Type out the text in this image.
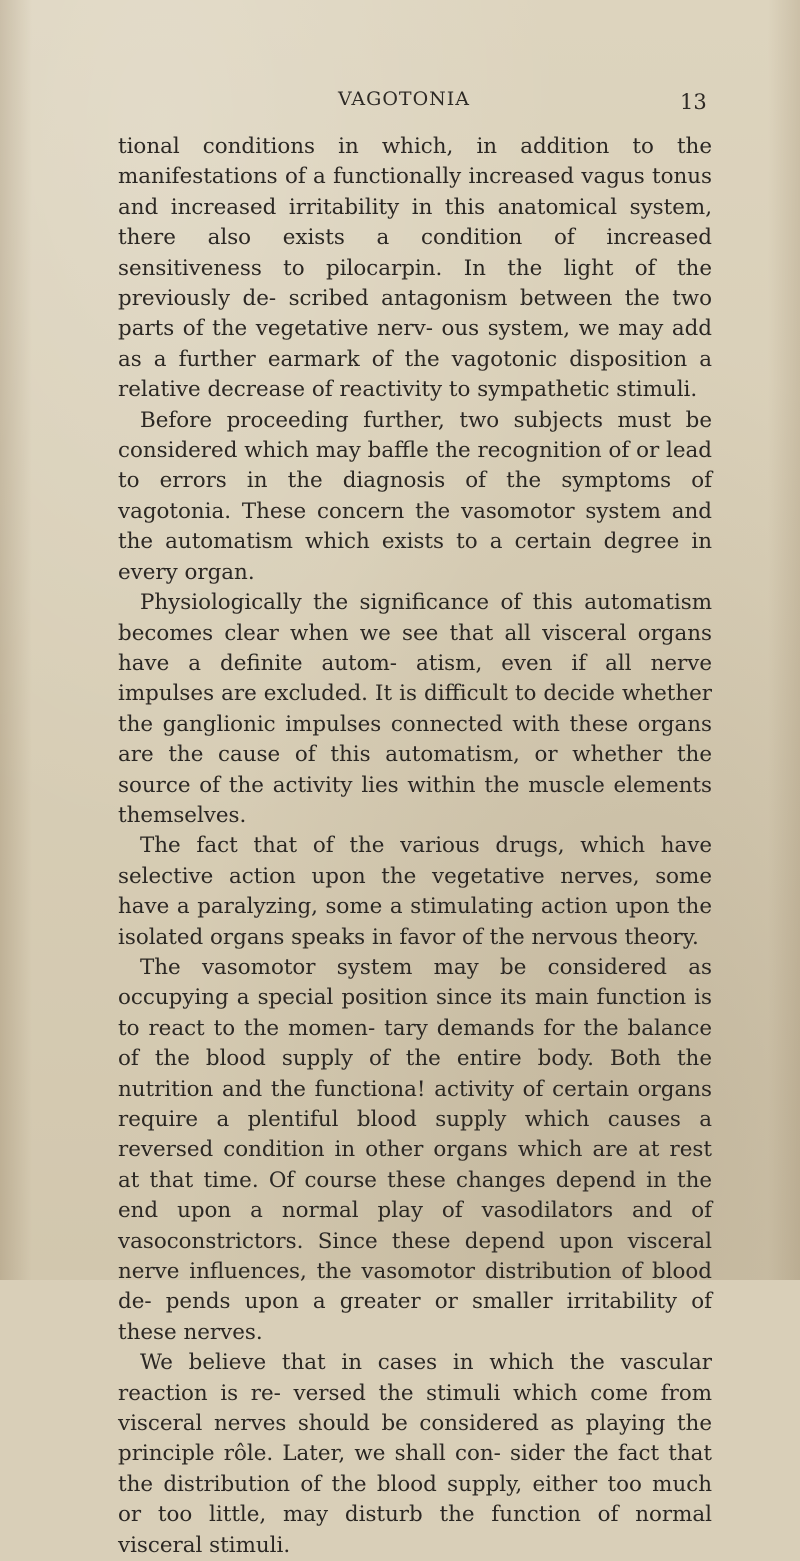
VAGOTONIA	13

tional conditions in which, in addition to the manifestations of a functionally increased vagus tonus and increased irritability in this anatomical system, there also exists a condition of increased sensitiveness to pilocarpin. In the light of the previously de- scribed antagonism between the two parts of the vegetative nerv- ous system, we may add as a further earmark of the vagotonic disposition a relative decrease of reactivity to sympathetic stimuli.

Before proceeding further, two subjects must be considered which may baffle the recognition of or lead to errors in the diagnosis of the symptoms of vagotonia. These concern the vasomotor system and the automatism which exists to a certain degree in every organ.

Physiologically the significance of this automatism becomes clear when we see that all visceral organs have a definite autom- atism, even if all nerve impulses are excluded. It is difficult to decide whether the ganglionic impulses connected with these organs are the cause of this automatism, or whether the source of the activity lies within the muscle elements themselves.

The fact that of the various drugs, which have selective action upon the vegetative nerves, some have a paralyzing, some a stimulating action upon the isolated organs speaks in favor of the nervous theory.

The vasomotor system may be considered as occupying a special position since its main function is to react to the momen- tary demands for the balance of the blood supply of the entire body. Both the nutrition and the functiona! activity of certain organs require a plentiful blood supply which causes a reversed condition in other organs which are at rest at that time. Of course these changes depend in the end upon a normal play of vasodilators and of vasoconstrictors. Since these depend upon visceral nerve influences, the vasomotor distribution of blood de- pends upon a greater or smaller irritability of these nerves.

We believe that in cases in which the vascular reaction is re- versed the stimuli which come from visceral nerves should be considered as playing the principle rôle. Later, we shall con- sider the fact that the distribution of the blood supply, either too much or too little, may disturb the function of normal visceral stimuli.
